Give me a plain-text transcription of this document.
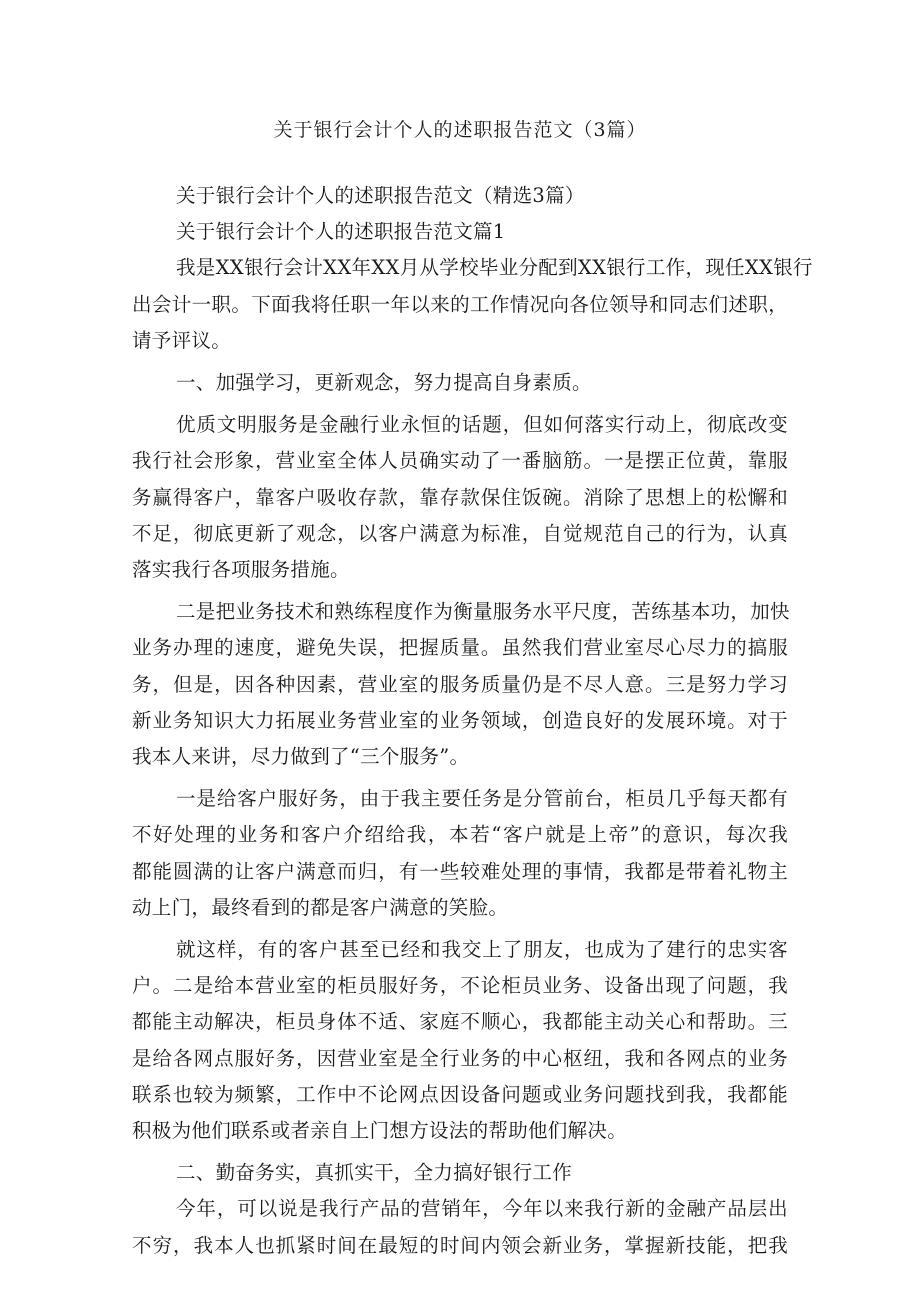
关于银行会计个人的述职报告范文（3篇）
关于银行会计个人的述职报告范文（精选3篇）
关于银行会计个人的述职报告范文篇1
我是XX银行会计XX年XX月从学校毕业分配到XX银行工作，现任XX银行
出会计一职。下面我将任职一年以来的工作情况向各位领导和同志们述职，
请予评议。
一、加强学习，更新观念，努力提高自身素质。
优质文明服务是金融行业永恒的话题，但如何落实行动上，彻底改变
我行社会形象，营业室全体人员确实动了一番脑筋。一是摆正位黄，靠服
务赢得客户，靠客户吸收存款，靠存款保住饭碗。消除了思想上的松懈和
不足，彻底更新了观念，以客户满意为标准，自觉规范自己的行为，认真
落实我行各项服务措施。
二是把业务技术和熟练程度作为衡量服务水平尺度，苦练基本功，加快
业务办理的速度，避免失误，把握质量。虽然我们营业室尽心尽力的搞服
务，但是，因各种因素，营业室的服务质量仍是不尽人意。三是努力学习
新业务知识大力拓展业务营业室的业务领域，创造良好的发展环境。对于
我本人来讲，尽力做到了“三个服务”。
一是给客户服好务，由于我主要任务是分管前台，柜员几乎每天都有
不好处理的业务和客户介绍给我，本若“客户就是上帝”的意识，每次我
都能圆满的让客户满意而归，有一些较难处理的事情，我都是带着礼物主
动上门，最终看到的都是客户满意的笑脸。
就这样，有的客户甚至已经和我交上了朋友，也成为了建行的忠实客
户。二是给本营业室的柜员服好务，不论柜员业务、设备出现了问题，我
都能主动解决，柜员身体不适、家庭不顺心，我都能主动关心和帮助。三
是给各网点服好务，因营业室是全行业务的中心枢纽，我和各网点的业务
联系也较为频繁，工作中不论网点因设备问题或业务问题找到我，我都能
积极为他们联系或者亲自上门想方设法的帮助他们解决。
二、勤奋务实，真抓实干，全力搞好银行工作
今年，可以说是我行产品的营销年，今年以来我行新的金融产品层出
不穷，我本人也抓紧时间在最短的时间内领会新业务，掌握新技能，把我
